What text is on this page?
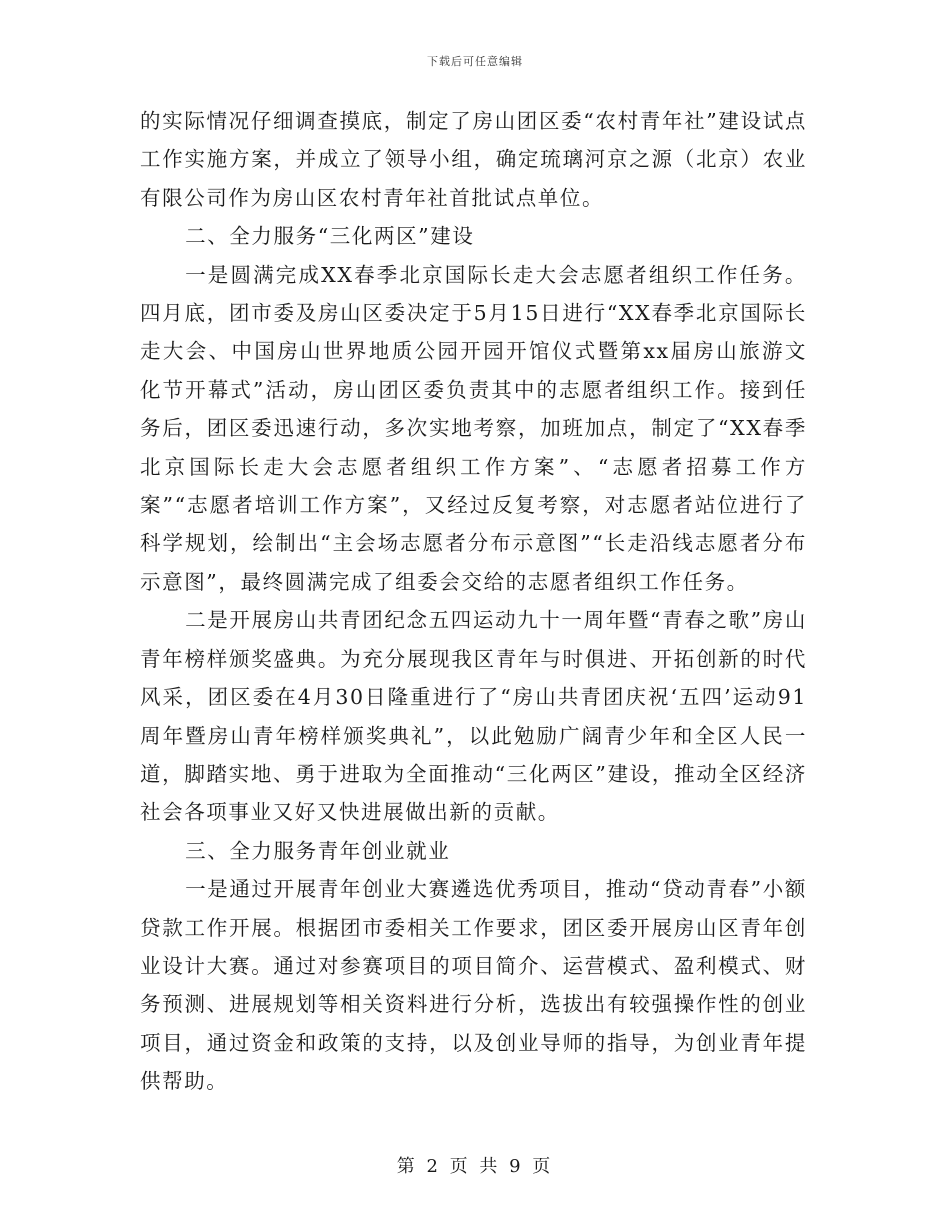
下载后可任意编辑

的实际情况仔细调查摸底，制定了房山团区委“农村青年社”建设试点工作实施方案，并成立了领导小组，确定琉璃河京之源（北京）农业有限公司作为房山区农村青年社首批试点单位。

二、全力服务“三化两区”建设

一是圆满完成XX春季北京国际长走大会志愿者组织工作任务。四月底，团市委及房山区委决定于5月15日进行“XX春季北京国际长走大会、中国房山世界地质公园开园开馆仪式暨第xx届房山旅游文化节开幕式”活动，房山团区委负责其中的志愿者组织工作。接到任务后，团区委迅速行动，多次实地考察，加班加点，制定了“XX春季北京国际长走大会志愿者组织工作方案”、“志愿者招募工作方案”“志愿者培训工作方案”，又经过反复考察，对志愿者站位进行了科学规划，绘制出“主会场志愿者分布示意图”“长走沿线志愿者分布示意图”，最终圆满完成了组委会交给的志愿者组织工作任务。

二是开展房山共青团纪念五四运动九十一周年暨“青春之歌”房山青年榜样颁奖盛典。为充分展现我区青年与时俱进、开拓创新的时代风采，团区委在4月30日隆重进行了“房山共青团庆祝‘五四’运动91周年暨房山青年榜样颁奖典礼”，以此勉励广阔青少年和全区人民一道，脚踏实地、勇于进取为全面推动“三化两区”建设，推动全区经济社会各项事业又好又快进展做出新的贡献。

三、全力服务青年创业就业

一是通过开展青年创业大赛遴选优秀项目，推动“贷动青春”小额贷款工作开展。根据团市委相关工作要求，团区委开展房山区青年创业设计大赛。通过对参赛项目的项目简介、运营模式、盈利模式、财务预测、进展规划等相关资料进行分析，选拔出有较强操作性的创业项目，通过资金和政策的支持，以及创业导师的指导，为创业青年提供帮助。

第 2 页 共 9 页
